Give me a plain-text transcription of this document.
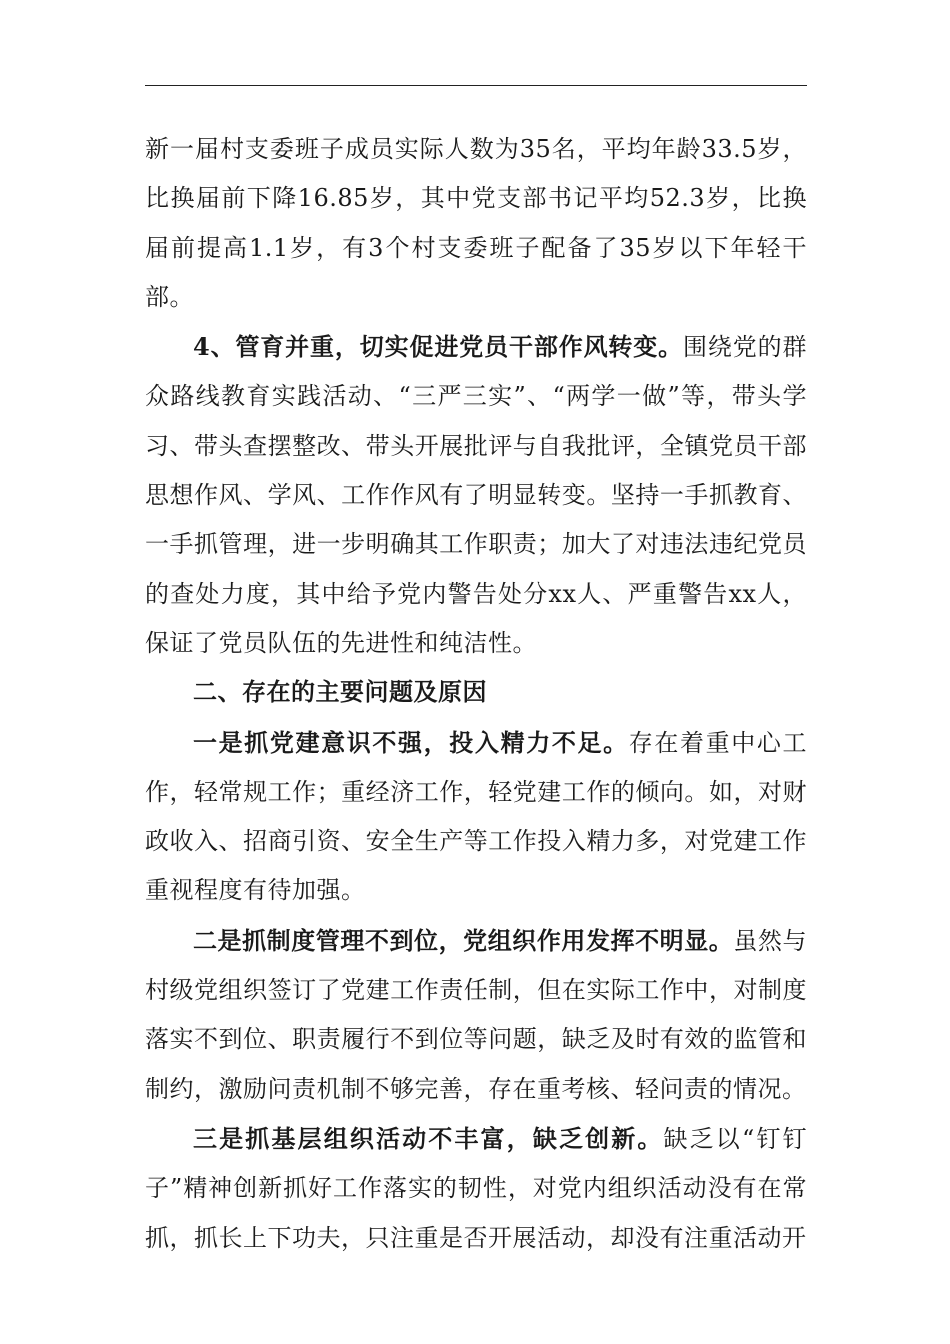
新一届村支委班子成员实际人数为35名，平均年龄33.5岁，比换届前下降16.85岁，其中党支部书记平均52.3岁，比换届前提高1.1岁，有3个村支委班子配备了35岁以下年轻干部。

4、管育并重，切实促进党员干部作风转变。围绕党的群众路线教育实践活动、“三严三实”、“两学一做”等，带头学习、带头查摆整改、带头开展批评与自我批评，全镇党员干部思想作风、学风、工作作风有了明显转变。坚持一手抓教育、一手抓管理，进一步明确其工作职责；加大了对违法违纪党员的查处力度，其中给予党内警告处分xx人、严重警告xx人，保证了党员队伍的先进性和纯洁性。

二、存在的主要问题及原因

一是抓党建意识不强，投入精力不足。存在着重中心工作，轻常规工作；重经济工作，轻党建工作的倾向。如，对财政收入、招商引资、安全生产等工作投入精力多，对党建工作重视程度有待加强。

二是抓制度管理不到位，党组织作用发挥不明显。虽然与村级党组织签订了党建工作责任制，但在实际工作中，对制度落实不到位、职责履行不到位等问题，缺乏及时有效的监管和制约，激励问责机制不够完善，存在重考核、轻问责的情况。

三是抓基层组织活动不丰富，缺乏创新。缺乏以“钉钉子”精神创新抓好工作落实的韧性，对党内组织活动没有在常抓，抓长上下功夫，只注重是否开展活动，却没有注重活动开
